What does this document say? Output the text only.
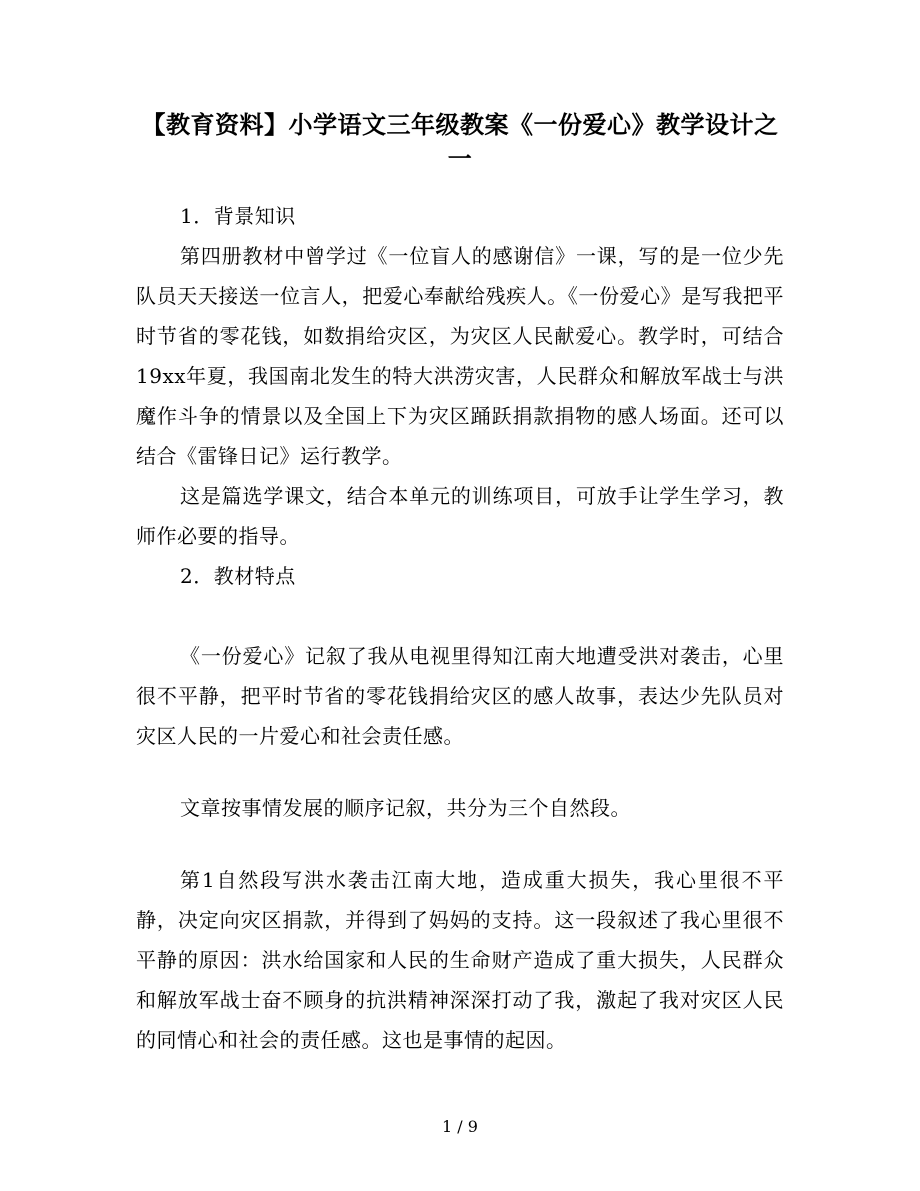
【教育资料】小学语文三年级教案《一份爱心》教学设计之一
1．背景知识
第四册教材中曾学过《一位盲人的感谢信》一课，写的是一位少先队员天天接送一位言人，把爱心奉献给残疾人。《一份爱心》是写我把平时节省的零花钱，如数捐给灾区，为灾区人民献爱心。教学时，可结合19xx年夏，我国南北发生的特大洪涝灾害，人民群众和解放军战士与洪魔作斗争的情景以及全国上下为灾区踊跃捐款捐物的感人场面。还可以结合《雷锋日记》运行教学。
这是篇选学课文，结合本单元的训练项目，可放手让学生学习，教师作必要的指导。
2．教材特点
《一份爱心》记叙了我从电视里得知江南大地遭受洪对袭击，心里很不平静，把平时节省的零花钱捐给灾区的感人故事，表达少先队员对灾区人民的一片爱心和社会责任感。
文章按事情发展的顺序记叙，共分为三个自然段。
第1自然段写洪水袭击江南大地，造成重大损失，我心里很不平静，决定向灾区捐款，并得到了妈妈的支持。这一段叙述了我心里很不平静的原因：洪水给国家和人民的生命财产造成了重大损失，人民群众和解放军战士奋不顾身的抗洪精神深深打动了我，激起了我对灾区人民的同情心和社会的责任感。这也是事情的起因。
1 / 9
